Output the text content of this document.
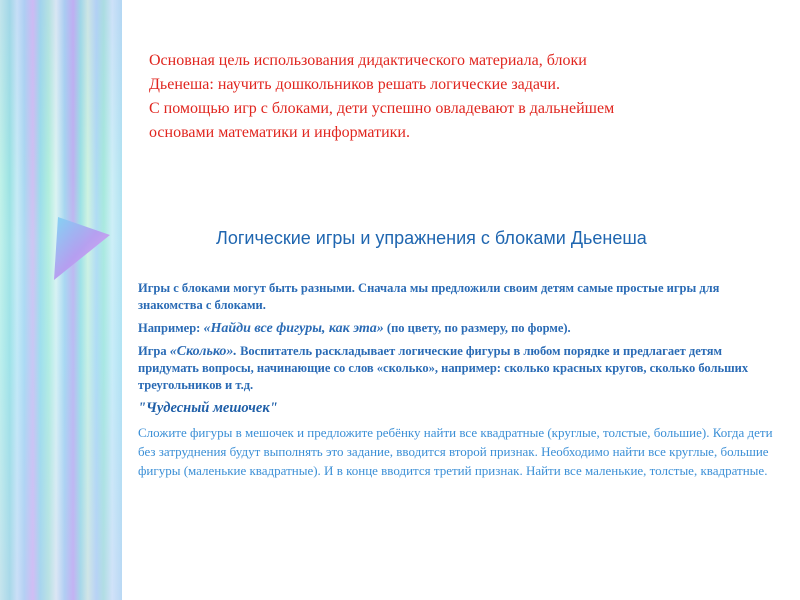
Основная цель использования дидактического материала, блоки

Дьенеша: научить дошкольников решать логические задачи.

С помощью игр с блоками, дети успешно овладевают в дальнейшем

основами математики и информатики.

Логические игры и упражнения с блоками Дьенеша

Игры с блоками могут быть разными. Сначала мы предложили своим детям самые простые игры для знакомства с блоками.

Например: «Найди все фигуры, как эта» (по цвету, по размеру, по форме).

Игра «Сколько». Воспитатель раскладывает логические фигуры в любом порядке и предлагает детям придумать вопросы, начинающие со слов «сколько», например: сколько красных кругов, сколько больших треугольников и т.д.

"Чудесный мешочек"

Сложите фигуры в мешочек и предложите ребёнку найти все квадратные (круглые, толстые, большие). Когда дети без затруднения будут выполнять это задание, вводится второй признак. Необходимо найти все круглые, большие фигуры (маленькие квадратные). И в конце вводится третий признак. Найти все маленькие, толстые, квадратные.
